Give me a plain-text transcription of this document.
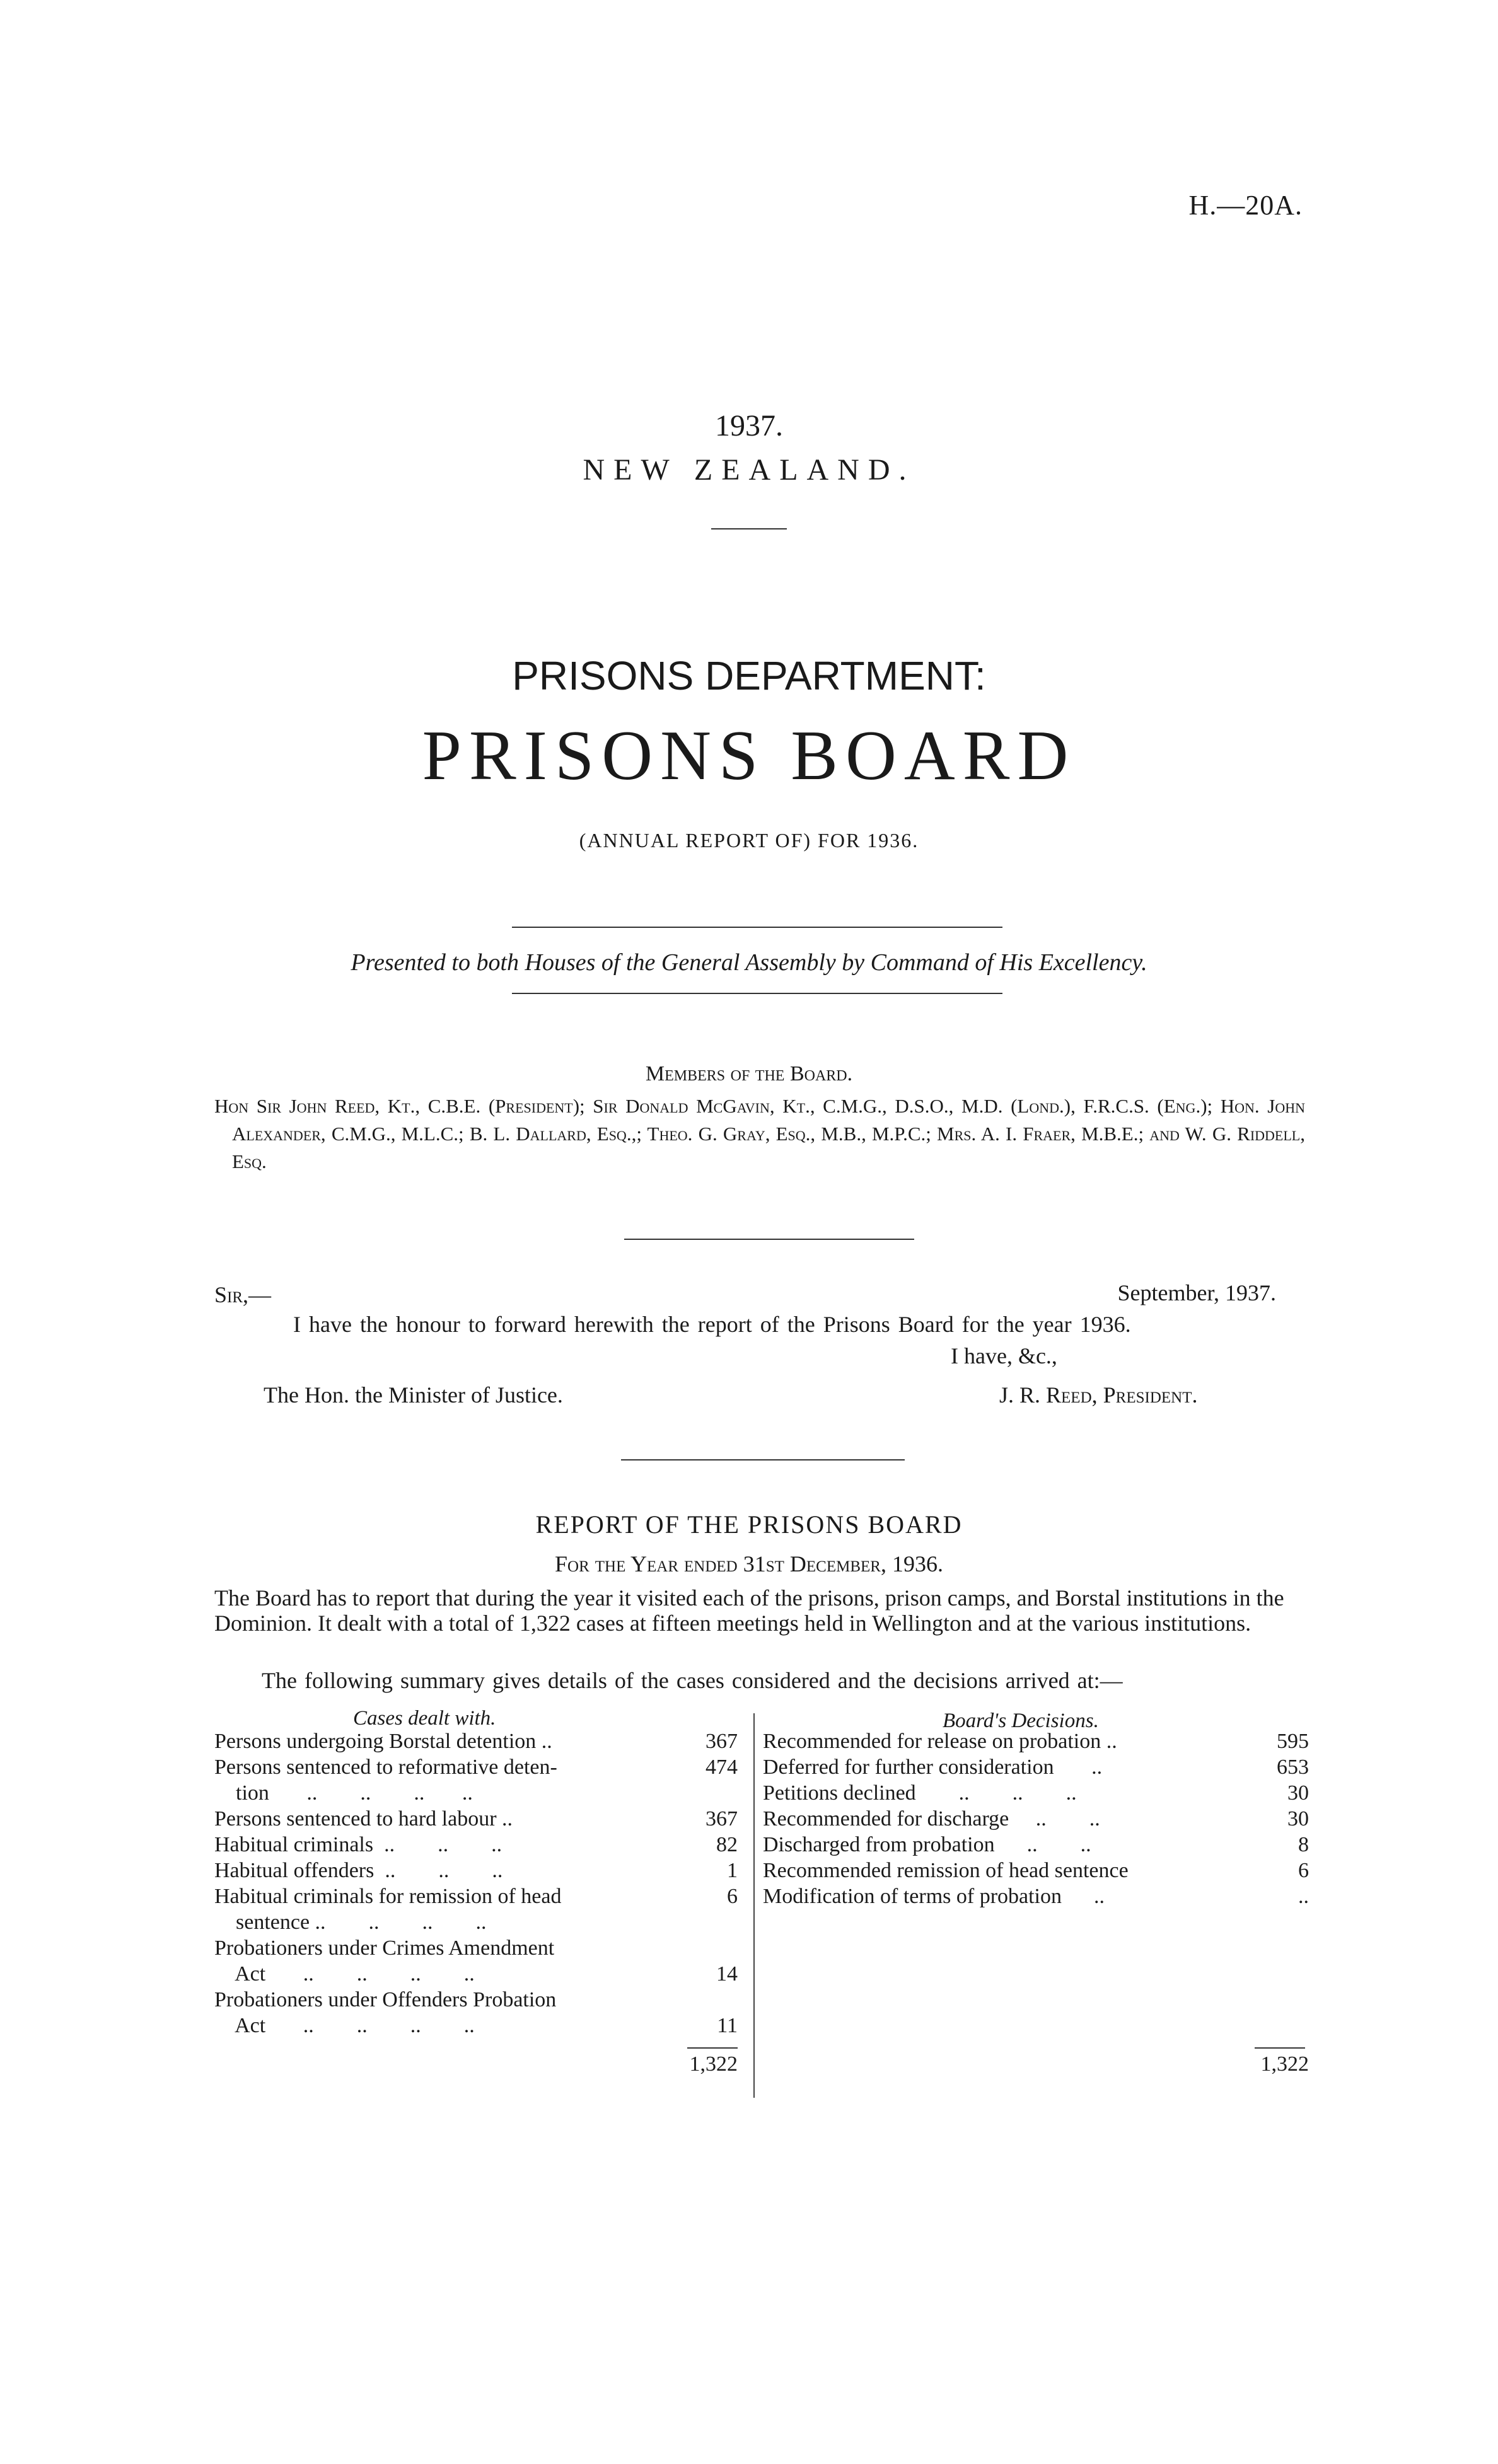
H.—20A.
1937.
NEW ZEALAND.
PRISONS DEPARTMENT:
PRISONS BOARD
(ANNUAL REPORT OF) FOR 1936.
Presented to both Houses of the General Assembly by Command of His Excellency.
Members of the Board.

Hon Sir John Reed, Kt., C.B.E. (President); Sir Donald McGavin, Kt., C.M.G., D.S.O., M.D. (Lond.), F.R.C.S. (Eng.); Hon. John Alexander, C.M.G., M.L.C.; B. L. Dallard, Esq.,; Theo. G. Gray, Esq., M.B., M.P.C.; Mrs. A. I. Fraer, M.B.E.; and W. G. Riddell, Esq.

Sir,—	September, 1937.
I have the honour to forward herewith the report of the Prisons Board for the year 1936.
I have, &c.,
The Hon. the Minister of Justice.	J. R. Reed, President.
REPORT OF THE PRISONS BOARD
For the Year ended 31st December, 1936.
The Board has to report that during the year it visited each of the prisons, prison camps, and Borstal institutions in the Dominion. It dealt with a total of 1,322 cases at fifteen meetings held in Wellington and at the various institutions.
The following summary gives details of the cases considered and the decisions arrived at:—
Cases dealt with.	Board's Decisions.
Persons undergoing Borstal detention ..	367
Persons sentenced to reformative deten-	474
tion       ..        ..        ..       ..
Persons sentenced to hard labour ..	367
Habitual criminals  ..        ..        ..	82
Habitual offenders  ..        ..        ..	1
Habitual criminals for remission of head	6
sentence ..        ..        ..        ..
Probationers under Crimes Amendment
Act       ..        ..        ..        ..	14
Probationers under Offenders Probation
Act       ..        ..        ..        ..	11
1,322
Recommended for release on probation ..	595
Deferred for further consideration       ..	653
Petitions declined        ..        ..        ..	30
Recommended for discharge     ..        ..	30
Discharged from probation      ..        ..	8
Recommended remission of head sentence	6
Modification of terms of probation      ..	..
1,322
